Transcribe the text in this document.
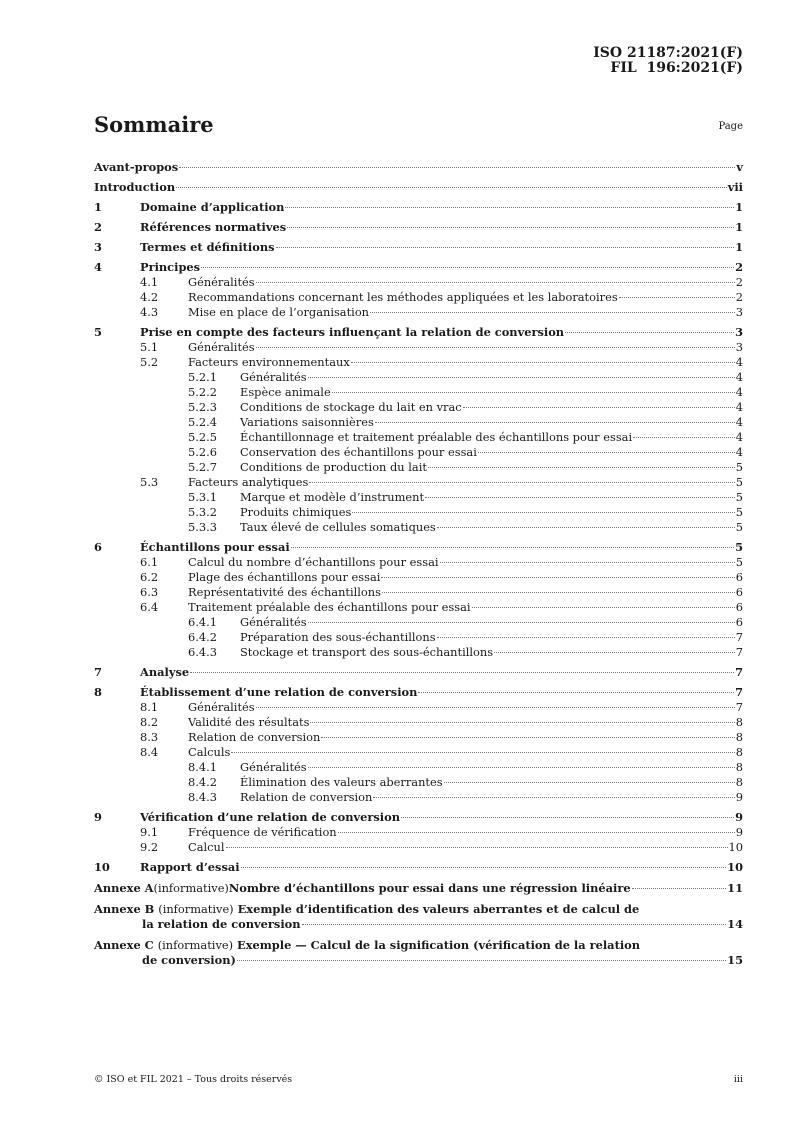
ISO 21187:2021(F)
FIL  196:2021(F)
Sommaire	Page
Avant-propos	v
Introduction	vii
1	Domaine d’application	1
2	Références normatives	1
3	Termes et définitions	1
4	Principes	2
4.1	Généralités	2
4.2	Recommandations concernant les méthodes appliquées et les laboratoires	2
4.3	Mise en place de l’organisation	3
5	Prise en compte des facteurs influençant la relation de conversion	3
5.1	Généralités	3
5.2	Facteurs environnementaux	4
5.2.1	Généralités	4
5.2.2	Espèce animale	4
5.2.3	Conditions de stockage du lait en vrac	4
5.2.4	Variations saisonnières	4
5.2.5	Échantillonnage et traitement préalable des échantillons pour essai	4
5.2.6	Conservation des échantillons pour essai	4
5.2.7	Conditions de production du lait	5
5.3	Facteurs analytiques	5
5.3.1	Marque et modèle d’instrument	5
5.3.2	Produits chimiques	5
5.3.3	Taux élevé de cellules somatiques	5
6	Échantillons pour essai	5
6.1	Calcul du nombre d’échantillons pour essai	5
6.2	Plage des échantillons pour essai	6
6.3	Représentativité des échantillons	6
6.4	Traitement préalable des échantillons pour essai	6
6.4.1	Généralités	6
6.4.2	Préparation des sous-échantillons	7
6.4.3	Stockage et transport des sous-échantillons	7
7	Analyse	7
8	Établissement d’une relation de conversion	7
8.1	Généralités	7
8.2	Validité des résultats	8
8.3	Relation de conversion	8
8.4	Calculs	8
8.4.1	Généralités	8
8.4.2	Élimination des valeurs aberrantes	8
8.4.3	Relation de conversion	9
9	Vérification d’une relation de conversion	9
9.1	Fréquence de vérification	9
9.2	Calcul	10
10	Rapport d’essai	10
Annexe A (informative) Nombre d’échantillons pour essai dans une régression linéaire	11
Annexe B (informative) Exemple d’identification des valeurs aberrantes et de calcul de
la relation de conversion	14
Annexe C (informative) Exemple — Calcul de la signification (vérification de la relation
de conversion)	15
© ISO et FIL 2021 – Tous droits réservés	iii
